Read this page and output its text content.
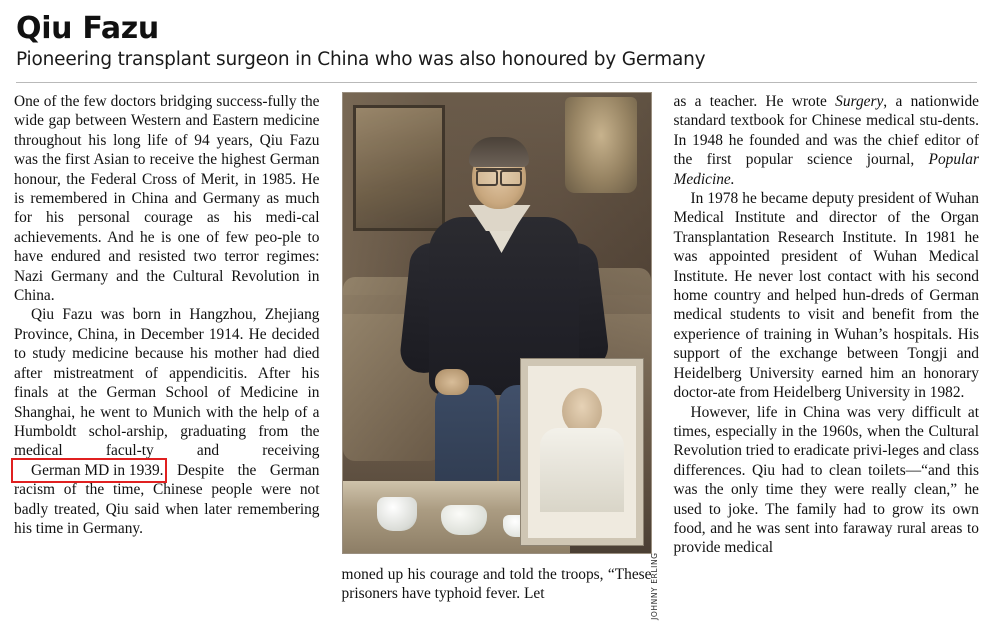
Qiu Fazu
Pioneering transplant surgeon in China who was also honoured by Germany

One of the few doctors bridging success-fully the wide gap between Western and Eastern medicine throughout his long life of 94 years, Qiu Fazu was the first Asian to receive the highest German honour, the Federal Cross of Merit, in 1985. He is remembered in China and Germany as much for his personal courage as his medi-cal achievements. And he is one of few peo-ple to have endured and resisted two terror regimes: Nazi Germany and the Cultural Revolution in China.

Qiu Fazu was born in Hangzhou, Zhejiang Province, China, in December 1914. He decided to study medicine because his mother had died after mistreatment of appendicitis. After his finals at the German School of Medicine in Shanghai, he went to Munich with the help of a Humboldt schol-arship, graduating from the medical facul-ty and receiving German MD in 1939.
Despite the German racism of the time, Chinese people were not badly treated, Qiu said when later remembering his time in Germany.

JOHNNY ERLING

moned up his courage and told the troops, “These prisoners have typhoid fever. Let

as a teacher. He wrote Surgery, a nationwide standard textbook for Chinese medical stu-dents. In 1948 he founded and was the chief editor of the first popular science journal, Popular Medicine.

In 1978 he became deputy president of Wuhan Medical Institute and director of the Organ Transplantation Research Institute. In 1981 he was appointed president of Wuhan Medical Institute. He never lost contact with his second home country and helped hun-dreds of German medical students to visit and benefit from the experience of training in Wuhan’s hospitals. His support of the exchange between Tongji and Heidelberg University earned him an honorary doctor-ate from Heidelberg University in 1982.

However, life in China was very difficult at times, especially in the 1960s, when the Cultural Revolution tried to eradicate privi-leges and class differences. Qiu had to clean toilets—“and this was the only time they were really clean,” he used to joke. The family had to grow its own food, and he was sent into faraway rural areas to provide medical
